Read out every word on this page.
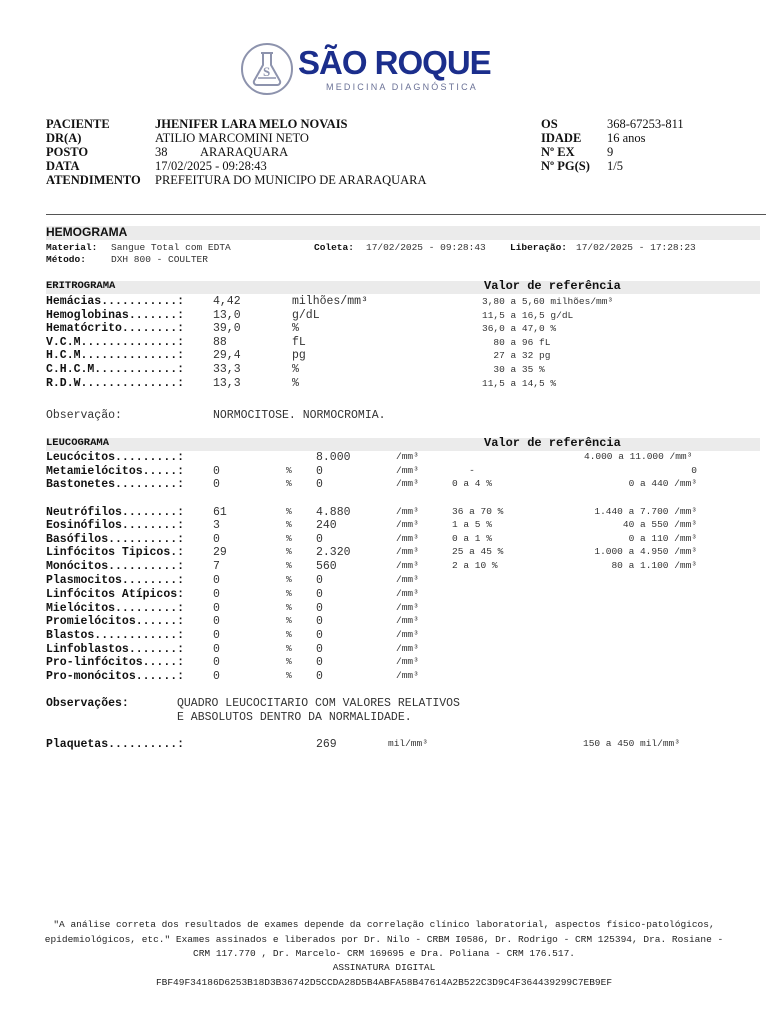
S

SÃO ROQUE

MEDICINA DIAGNÓSTICA

PACIENTE	JHENIFER LARA MELO NOVAIS
DR(A)	ATILIO MARCOMINI NETO
POSTO	38	ARARAQUARA
DATA	17/02/2025 - 09:28:43
ATENDIMENTO PREFEITURA DO MUNICIPO DE ARARAQUARA
OS	368-67253-811
IDADE 16 anos
Nº EX	9
Nº PG(S) 1/5
HEMOGRAMA
Material: Sangue Total com EDTA	Coleta: 17/02/2025 - 09:28:43	Liberação: 17/02/2025 - 17:28:23
Método:	DXH 800 - COULTER
ERITROGRAMA	Valor de referência
Hemácias...........:	4,42	milhões/mm³	3,80 a 5,60 milhões/mm³
Hemoglobinas.......:	13,0	g/dL	11,5 a 16,5 g/dL
Hematócrito........:	39,0	%	36,0 a 47,0 %
V.C.M..............:	88	fL	80 a 96 fL
H.C.M..............:	29,4	pg	27 a 32 pg
C.H.C.M............:	33,3	%	30 a 35 %
R.D.W..............:	13,3	%	11,5 a 14,5 %
Observação:	NORMOCITOSE. NORMOCROMIA.
LEUCOGRAMA	Valor de referência
Leucócitos.........:	8.000	/mm³	4.000 a 11.000 /mm³
Metamielócitos.....:	0	% 0	/mm³	-	0
Bastonetes.........:	0	% 0	/mm³	0 a 4 %	0 a 440 /mm³
Neutrófilos........:	61	% 4.880	/mm³	36 a 70 %	1.440 a 7.700 /mm³
Eosinófilos........:	3	% 240	/mm³	1 a 5 %	40 a 550 /mm³
Basófilos..........:	0	% 0	/mm³	0 a 1 %	0 a 110 /mm³
Linfócitos Tipicos.:	29	% 2.320	/mm³	25 a 45 %	1.000 a 4.950 /mm³
Monócitos..........:	7	% 560	/mm³	2 a 10 %	80 a 1.100 /mm³
Plasmocitos........:	0	% 0	/mm³
Linfócitos Atípicos:	0	% 0	/mm³
Mielócitos.........:	0	% 0	/mm³
Promielócitos......:	0	% 0	/mm³
Blastos............:	0	% 0	/mm³
Linfoblastos.......:	0	% 0	/mm³
Pro-linfócitos.....:	0	% 0	/mm³
Pro-monócitos......:	0	% 0	/mm³
Observações:	QUADRO LEUCOCITARIO COM VALORES RELATIVOS
E ABSOLUTOS DENTRO DA NORMALIDADE.
Plaquetas..........:	269	mil/mm³	150 a 450 mil/mm³
"A análise correta dos resultados de exames depende da correlação clínico laboratorial, aspectos físico-patológicos,
epidemiológicos, etc." Exames assinados e liberados por Dr. Nilo - CRBM I0586, Dr. Rodrigo - CRM 125394, Dra. Rosiane -
CRM 117.770 , Dr. Marcelo- CRM 169695 e Dra. Poliana - CRM 176.517.
ASSINATURA DIGITAL
FBF49F34186D6253B18D3B36742D5CCDA28D5B4ABFA58B47614A2B522C3D9C4F364439299C7EB9EF
